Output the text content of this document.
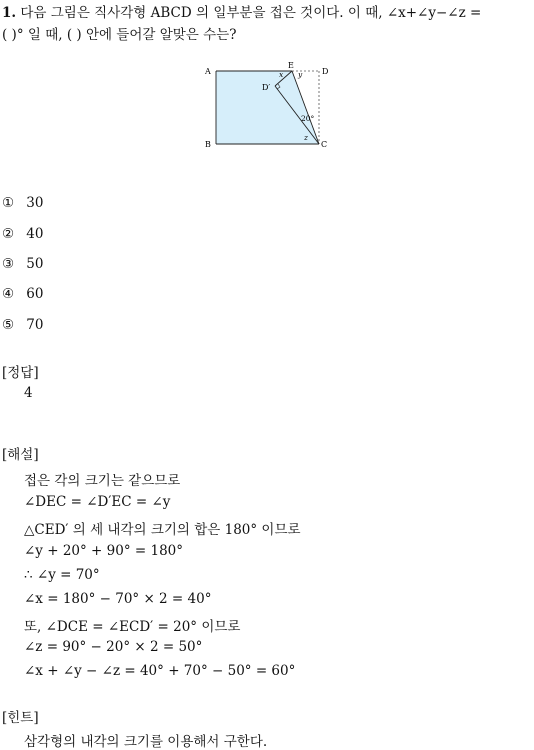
1. 다음 그림은 직사각형 ABCD 의 일부분을 접은 것이다. 이 때, ∠x+∠y−∠z =
( )° 일 때, ( ) 안에 들어갈 알맞은 수는?
A
B	C
D
E
D′
x y
20°
z
① 30
② 40
③ 50
④ 60
⑤ 70
[정답]
4
[해설]
접은 각의 크기는 같으므로
∠DEC = ∠D′EC = ∠y
△CED′ 의 세 내각의 크기의 합은 180° 이므로
∠y + 20° + 90° = 180°
∴ ∠y = 70°
∠x = 180° − 70° × 2 = 40°
또, ∠DCE = ∠ECD′ = 20° 이므로
∠z = 90° − 20° × 2 = 50°
∠x + ∠y − ∠z = 40° + 70° − 50° = 60°
[힌트]
삼각형의 내각의 크기를 이용해서 구한다.
